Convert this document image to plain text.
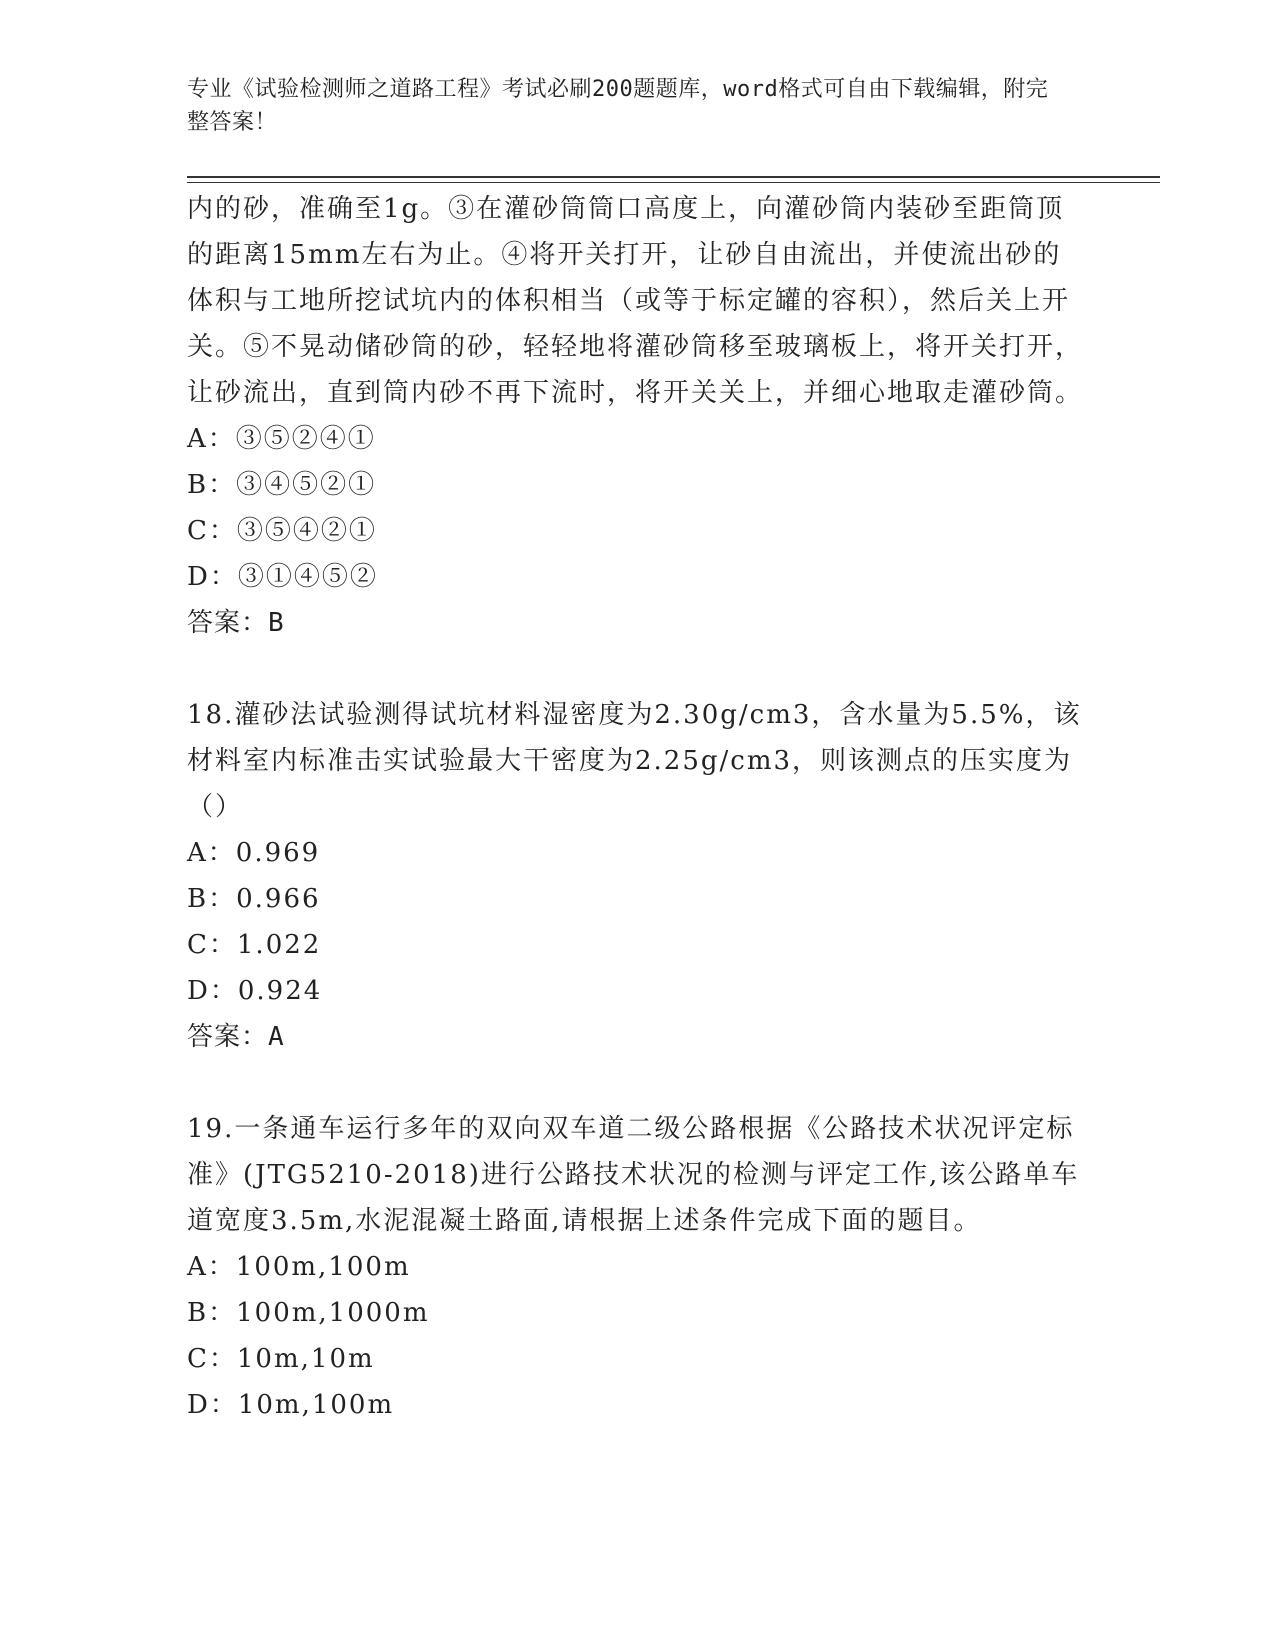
专业《试验检测师之道路工程》考试必刷200题题库，word格式可自由下载编辑，附完整答案！

内的砂，准确至1g。③在灌砂筒筒口高度上，向灌砂筒内装砂至距筒顶的距离15mm左右为止。④将开关打开，让砂自由流出，并使流出砂的体积与工地所挖试坑内的体积相当（或等于标定罐的容积），然后关上开关。⑤不晃动储砂筒的砂，轻轻地将灌砂筒移至玻璃板上，将开关打开，让砂流出，直到筒内砂不再下流时，将开关关上，并细心地取走灌砂筒。

A：③⑤②④①

B：③④⑤②①

C：③⑤④②①

D：③①④⑤②

答案：B

18.灌砂法试验测得试坑材料湿密度为2.30g/cm3，含水量为5.5%，该材料室内标准击实试验最大干密度为2.25g/cm3，则该测点的压实度为（）

A：0.969

B：0.966

C：1.022

D：0.924

答案：A

19.一条通车运行多年的双向双车道二级公路根据《公路技术状况评定标准》(JTG5210-2018)进行公路技术状况的检测与评定工作,该公路单车道宽度3.5m,水泥混凝土路面,请根据上述条件完成下面的题目。

A：100m,100m

B：100m,1000m

C：10m,10m

D：10m,100m
